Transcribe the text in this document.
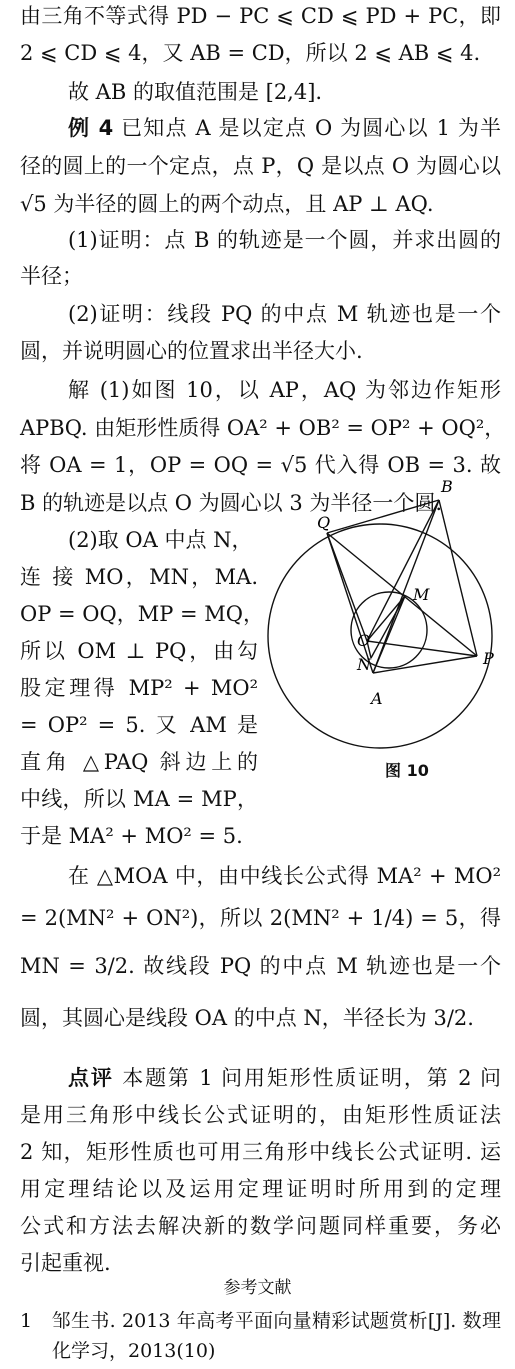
由三角不等式得 PD − PC ⩽ CD ⩽ PD + PC，即
2 ⩽ CD ⩽ 4，又 AB = CD，所以 2 ⩽ AB ⩽ 4.
故 AB 的取值范围是 [2,4].
例 4 已知点 A 是以定点 O 为圆心以 1 为半
径的圆上的一个定点，点 P，Q 是以点 O 为圆心以
√5 为半径的圆上的两个动点，且 AP ⊥ AQ.
(1)证明：点 B 的轨迹是一个圆，并求出圆的
半径；
(2)证明：线段 PQ 的中点 M 轨迹也是一个
圆，并说明圆心的位置求出半径大小.
解 (1)如图 10，以 AP，AQ 为邻边作矩形
APBQ. 由矩形性质得 OA² + OB² = OP² + OQ²，
将 OA = 1，OP = OQ = √5 代入得 OB = 3. 故
B 的轨迹是以点 O 为圆心以 3 为半径一个圆.
(2)取 OA 中点 N，
连 接 MO，MN，MA.
OP = OQ，MP = MQ，
所以 OM ⊥ PQ，由勾
股定理得 MP² + MO²
= OP² = 5. 又 AM 是
直角 △PAQ 斜边上的
中线，所以 MA = MP，
于是 MA² + MO² = 5.
B
Q
M
O
N	P
A
图 10
在 △MOA 中，由中线长公式得 MA² + MO²
= 2(MN² + ON²)，所以 2(MN² + 1/4) = 5，得
MN = 3/2. 故线段 PQ 的中点 M 轨迹也是一个
圆，其圆心是线段 OA 的中点 N，半径长为 3/2.
点评 本题第 1 问用矩形性质证明，第 2 问
是用三角形中线长公式证明的，由矩形性质证法
2 知，矩形性质也可用三角形中线长公式证明. 运
用定理结论以及运用定理证明时所用到的定理
公式和方法去解决新的数学问题同样重要，务必
引起重视.
参考文献
1　邹生书. 2013 年高考平面向量精彩试题赏析[J]. 数理
化学习，2013(10)
